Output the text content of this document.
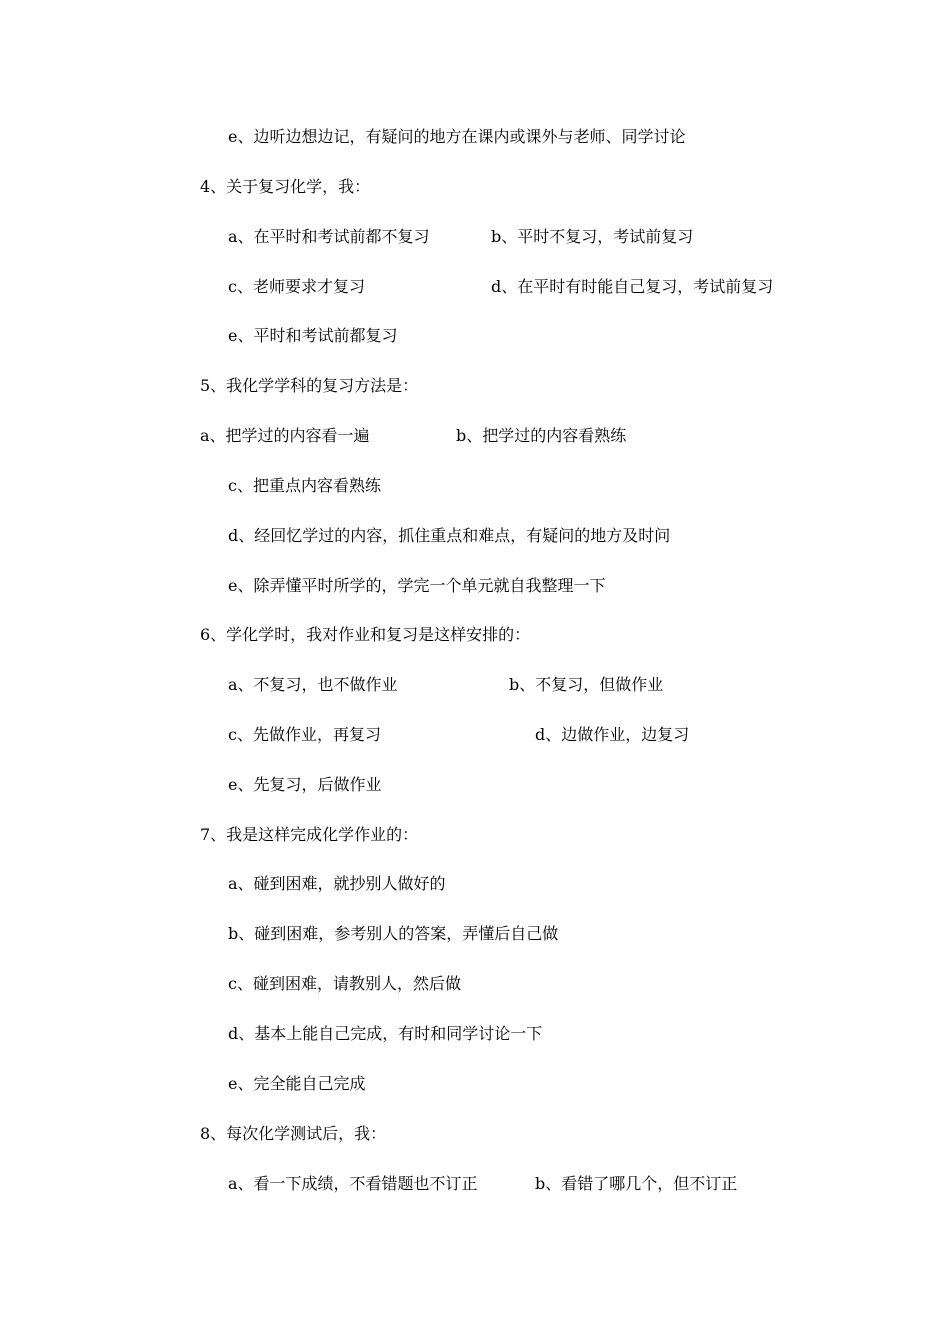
e、边听边想边记，有疑问的地方在课内或课外与老师、同学讨论
4、关于复习化学，我：
a、在平时和考试前都不复习	b、平时不复习，考试前复习
c、老师要求才复习	d、在平时有时能自己复习，考试前复习
e、平时和考试前都复习
5、我化学学科的复习方法是：
a、把学过的内容看一遍	b、把学过的内容看熟练
c、把重点内容看熟练
d、经回忆学过的内容，抓住重点和难点，有疑问的地方及时问
e、除弄懂平时所学的，学完一个单元就自我整理一下
6、学化学时，我对作业和复习是这样安排的：
a、不复习，也不做作业	b、不复习，但做作业
c、先做作业，再复习	d、边做作业，边复习
e、先复习，后做作业
7、我是这样完成化学作业的：
a、碰到困难，就抄别人做好的
b、碰到困难，参考别人的答案，弄懂后自己做
c、碰到困难，请教别人，然后做
d、基本上能自己完成，有时和同学讨论一下
e、完全能自己完成
8、每次化学测试后，我：
a、看一下成绩，不看错题也不订正	b、看错了哪几个，但不订正
